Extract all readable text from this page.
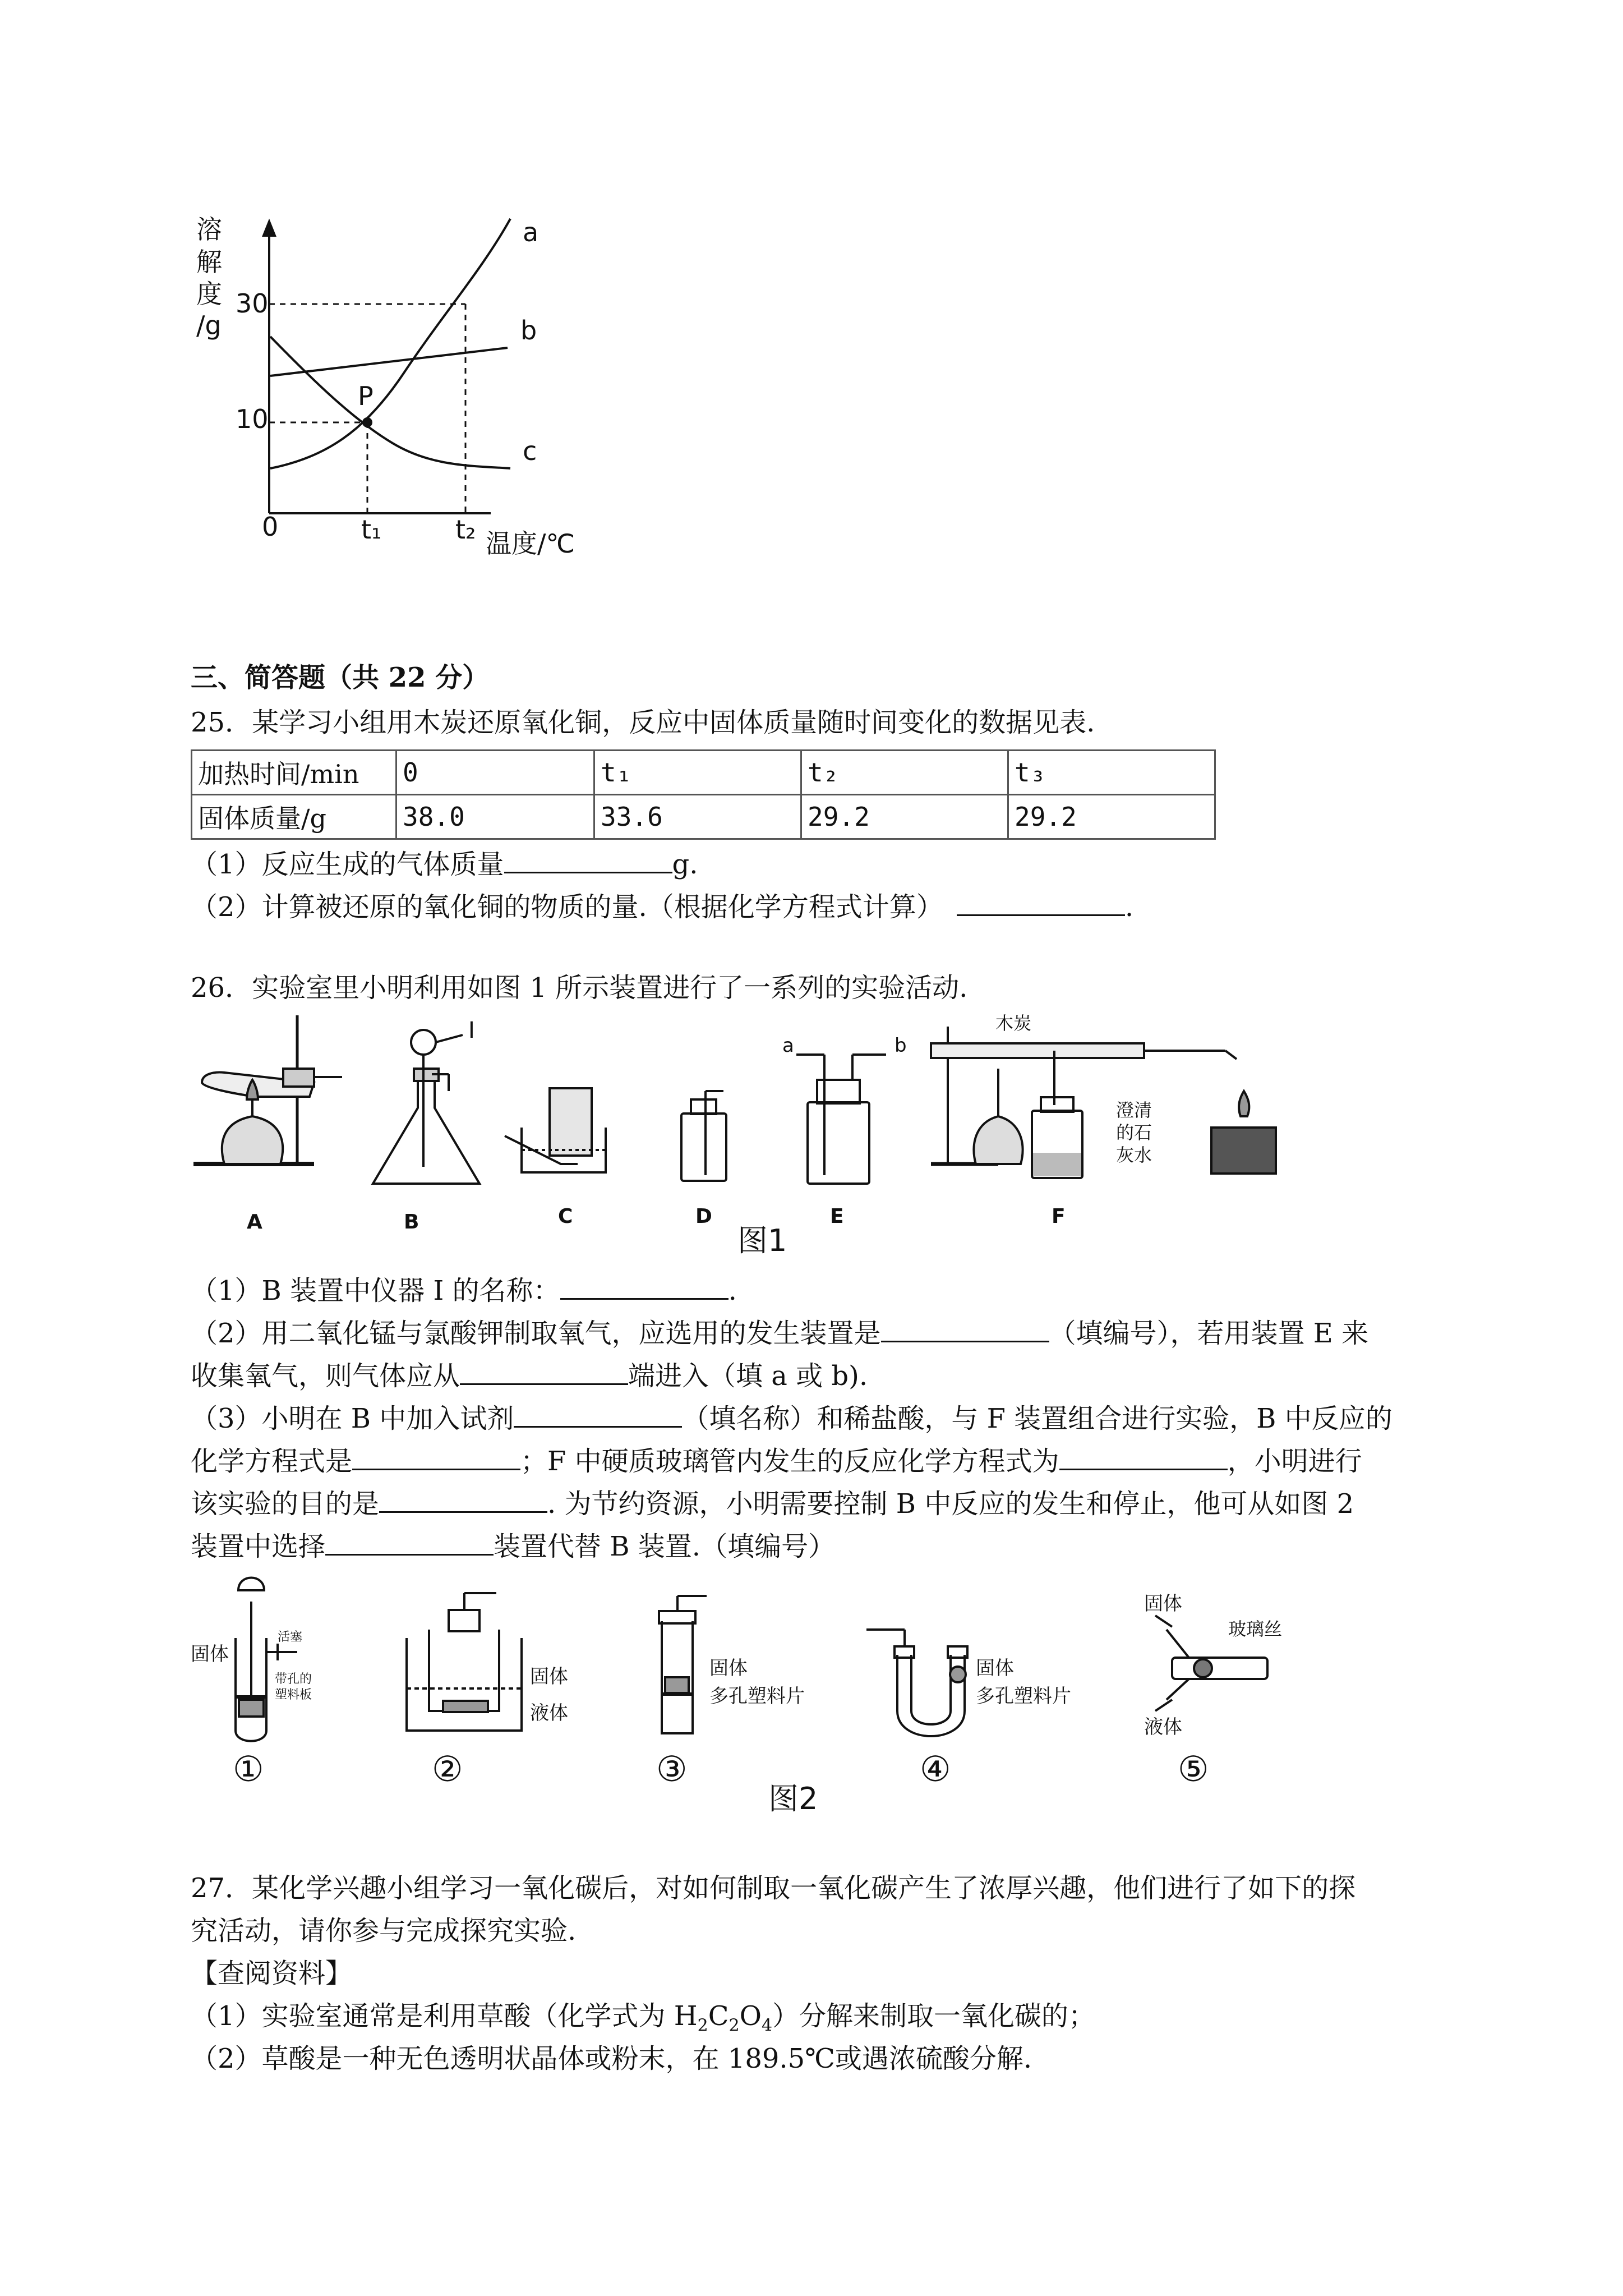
溶
解
度
/g
30
10
0	t₁	t₂ 温度/℃
P
a
b
c
三、简答题（共 22 分）
25．某学习小组用木炭还原氧化铜，反应中固体质量随时间变化的数据见表.
加热时间/min	0	t₁	t₂	t₃
固体质量/g	38.0	33.6	29.2	29.2
（1）反应生成的气体质量	g.
（2）计算被还原的氧化铜的物质的量.（根据化学方程式计算）	.
26．实验室里小明利用如图 1 所示装置进行了一系列的实验活动.
I
a	b
木炭
澄清
的石
灰水
A	B	C	D	E	F
图1
（1）B 装置中仪器 I 的名称：	.
（2）用二氧化锰与氯酸钾制取氧气，应选用的发生装置是	（填编号），若用装置 E 来
收集氧气，则气体应从	端进入（填 a 或 b).
（3）小明在 B 中加入试剂	（填名称）和稀盐酸，与 F 装置组合进行实验，B 中反应的
化学方程式是	；F 中硬质玻璃管内发生的反应化学方程式为	，小明进行
该实验的目的是	. 为节约资源，小明需要控制 B 中反应的发生和停止，他可从如图 2
装置中选择	装置代替 B 装置.（填编号）
固体
活塞
带孔的
塑料板
固体
液体
固体
多孔塑料片
固体
多孔塑料片
固体
玻璃丝
液体
①	②	③	④	⑤
图2
27．某化学兴趣小组学习一氧化碳后，对如何制取一氧化碳产生了浓厚兴趣，他们进行了如下的探
究活动，请你参与完成探究实验.
【查阅资料】
（1）实验室通常是利用草酸（化学式为 $H_2C_2O_4$）分解来制取一氧化碳的；
（2）草酸是一种无色透明状晶体或粉末，在 189.5℃或遇浓硫酸分解.
